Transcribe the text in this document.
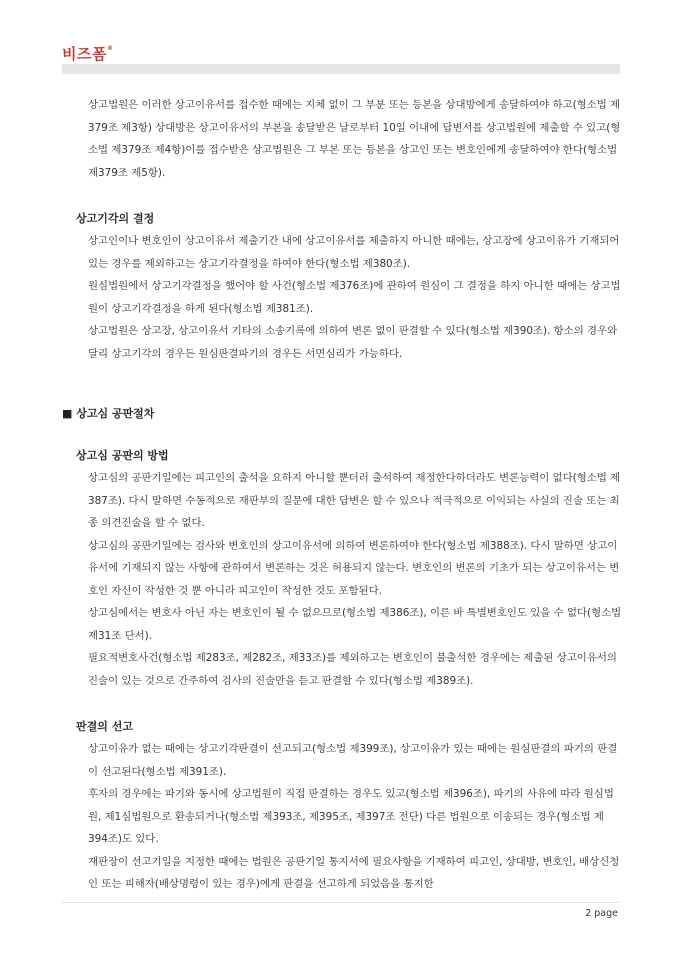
비즈폼®

상고법원은 이러한 상고이유서를 접수한 때에는 지체 없이 그 부분 또는 등본을 상대방에게 송달하여야 하고(형소법 제379조 제3항) 상대방은 상고이유서의 부본을 송달받은 날로부터 10일 이내에 답변서를 상고법원에 제출할 수 있고(형소법 제379조 제4항)이를 접수받은 상고법원은 그 부본 또는 등본을 상고인 또는 변호인에게 송달하여야 한다(형소법 제379조 제5항).

상고기각의 결정

상고인이나 변호인이 상고이유서 제출기간 내에 상고이유서를 제출하지 아니한 때에는, 상고장에 상고이유가 기재되어 있는 경우를 제외하고는 상고기각결정을 하여야 한다(형소법 제380조).

원심법원에서 상고기각결정을 했어야 할 사건(형소법 제376조)에 관하여 원심이 그 결정을 하지 아니한 때에는 상고법원이 상고기각결정을 하게 된다(형소법 제381조).

상고법원은 상고장, 상고이유서 기타의 소송기록에 의하여 변론 없이 판결할 수 있다(형소법 제390조). 항소의 경우와 달리 상고기각의 경우든 원심판결파기의 경우든 서면심리가 가능하다.

■ 상고심 공판절차

상고심 공판의 방법

상고심의 공판기일에는 피고인의 출석을 요하지 아니할 뿐더러 출석하여 재정한다하더라도 변론능력이 없다(형소법 제387조). 다시 말하면 수동적으로 재판부의 질문에 대한 답변은 할 수 있으나 적극적으로 이익되는 사실의 진술 또는 최종 의견진술을 할 수 없다.

상고심의 공판기일에는 검사와 변호인의 상고이유서에 의하여 변론하여야 한다(형소법 제388조). 다시 말하면 상고이유서에 기재되지 않는 사항에 관하여서 변론하는 것은 허용되지 않는다. 변호인의 변론의 기초가 되는 상고이유서는 변호인 자신이 작성한 것 뿐 아니라 피고인이 작성한 것도 포함된다.

상고심에서는 변호사 아닌 자는 변호인이 될 수 없으므로(형소법 제386조), 이른 바 특별변호인도 있을 수 없다(형소법 제31조 단서).

필요적변호사건(형소법 제283조, 제282조, 제33조)를 제외하고는 변호인이 불출석한 경우에는 제출된 상고이유서의 진술이 있는 것으로 간주하여 검사의 진술만을 듣고 판결할 수 있다(형소법 제389조).

판결의 선고

상고이유가 없는 때에는 상고기각판결이 선고되고(형소법 제399조), 상고이유가 있는 때에는 원심판결의 파기의 판결이 선고된다(형소법 제391조).

후자의 경우에는 파기와 동시에 상고법원이 직접 판결하는 경우도 있고(형소법 제396조), 파기의 사유에 따라 원심법원, 제1심법원으로 환송되거나(형소법 제393조, 제395조, 제397조 전단) 다른 법원으로 이송되는 경우(형소법 제394조)도 있다.

재판장이 선고기일을 지정한 때에는 법원은 공판기일 통지서에 필요사항을 기재하여 피고인, 상대방, 변호인, 배상신청인 또는 피해자(배상명령이 있는 경우)에게 판결을 선고하게 되었음을 통지한

2 page
